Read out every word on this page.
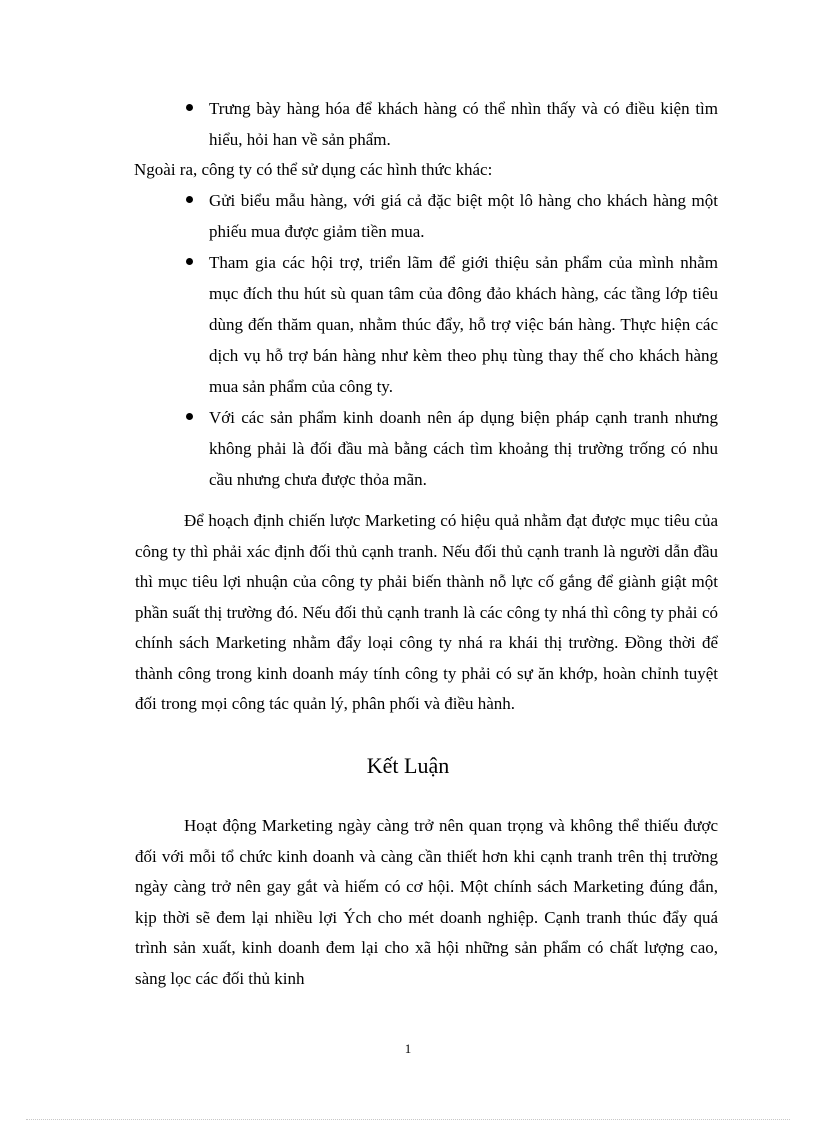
Trưng bày hàng hóa để khách hàng có thể nhìn thấy và có điều kiện tìm hiểu, hỏi han về sản phẩm.
Ngoài ra, công ty có thể sử dụng các hình thức khác:
Gửi biểu mẫu hàng, với giá cả đặc biệt một lô hàng cho khách hàng một phiếu mua được giảm tiền mua.
Tham gia các hội trợ, triển lãm để giới thiệu sản phẩm của mình nhằm mục đích thu hút sù quan tâm của đông đảo khách hàng, các tầng lớp tiêu dùng đến thăm quan, nhằm thúc đẩy, hỗ trợ việc bán hàng. Thực hiện các dịch vụ hỗ trợ bán hàng như kèm theo phụ tùng thay thế cho khách hàng mua sản phẩm của công ty.
Với các sản phẩm kinh doanh nên áp dụng biện pháp cạnh tranh nhưng không phải là đối đầu mà bằng cách tìm khoảng thị trường trống có nhu cầu nhưng chưa được thỏa mãn.

Để hoạch định chiến lược Marketing có hiệu quả nhằm đạt được mục tiêu của công ty thì phải xác định đối thủ cạnh tranh. Nếu đối thủ cạnh tranh là người dẫn đầu thì mục tiêu lợi nhuận của công ty phải biến thành nỗ lực cố gắng để giành giật một phần suất thị trường đó. Nếu đối thủ cạnh tranh là các công ty nhá thì công ty phải có chính sách Marketing nhằm đẩy loại công ty nhá ra khái thị trường. Đồng thời để thành công trong kinh doanh máy tính công ty phải có sự ăn khớp, hoàn chỉnh tuyệt đối trong mọi công tác quản lý, phân phối và điều hành.

Kết Luận

Hoạt động Marketing ngày càng trở nên quan trọng và không thể thiếu được đối với mỗi tổ chức kinh doanh và càng cần thiết hơn khi cạnh tranh trên thị trường ngày càng trở nên gay gắt và hiếm có cơ hội. Một chính sách Marketing đúng đắn, kịp thời sẽ đem lại nhiều lợi Ých cho mét doanh nghiệp. Cạnh tranh thúc đẩy quá trình sản xuất, kinh doanh đem lại cho xã hội những sản phẩm có chất lượng cao, sàng lọc các đối thủ kinh

1
